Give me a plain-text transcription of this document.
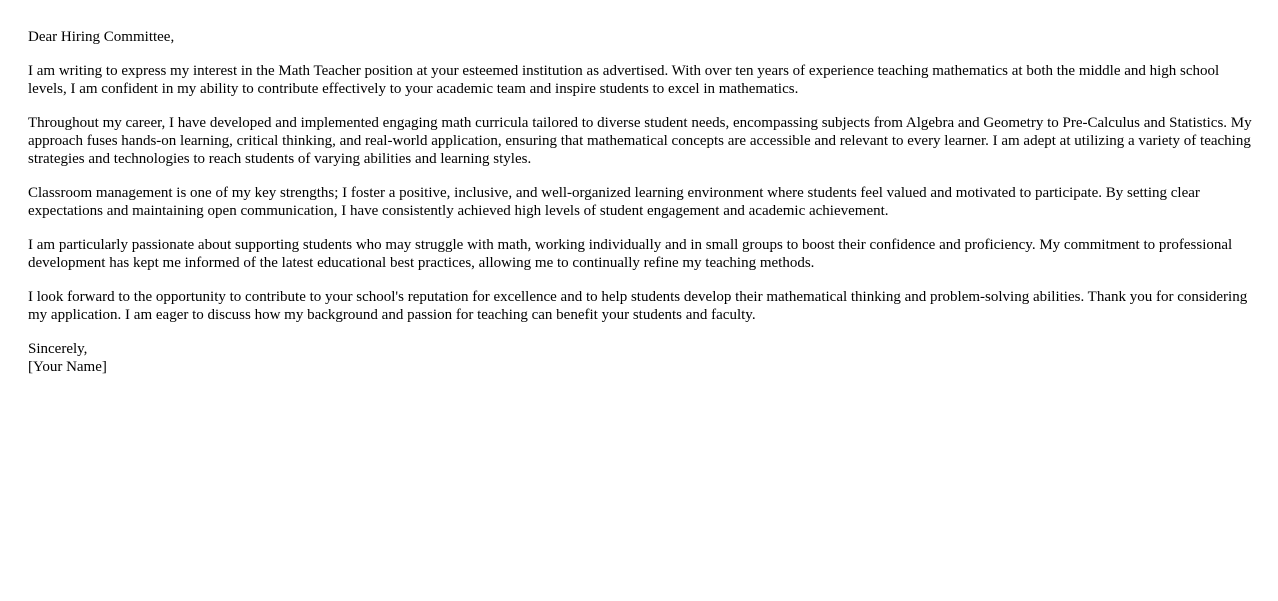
Dear Hiring Committee,

I am writing to express my interest in the Math Teacher position at your esteemed institution as advertised. With over ten years of experience teaching mathematics at both the middle and high school levels, I am confident in my ability to contribute effectively to your academic team and inspire students to excel in mathematics.

Throughout my career, I have developed and implemented engaging math curricula tailored to diverse student needs, encompassing subjects from Algebra and Geometry to Pre-Calculus and Statistics. My approach fuses hands-on learning, critical thinking, and real-world application, ensuring that mathematical concepts are accessible and relevant to every learner. I am adept at utilizing a variety of teaching strategies and technologies to reach students of varying abilities and learning styles.

Classroom management is one of my key strengths; I foster a positive, inclusive, and well-organized learning environment where students feel valued and motivated to participate. By setting clear expectations and maintaining open communication, I have consistently achieved high levels of student engagement and academic achievement.

I am particularly passionate about supporting students who may struggle with math, working individually and in small groups to boost their confidence and proficiency. My commitment to professional development has kept me informed of the latest educational best practices, allowing me to continually refine my teaching methods.

I look forward to the opportunity to contribute to your school's reputation for excellence and to help students develop their mathematical thinking and problem-solving abilities. Thank you for considering my application. I am eager to discuss how my background and passion for teaching can benefit your students and faculty.

Sincerely,
[Your Name]
